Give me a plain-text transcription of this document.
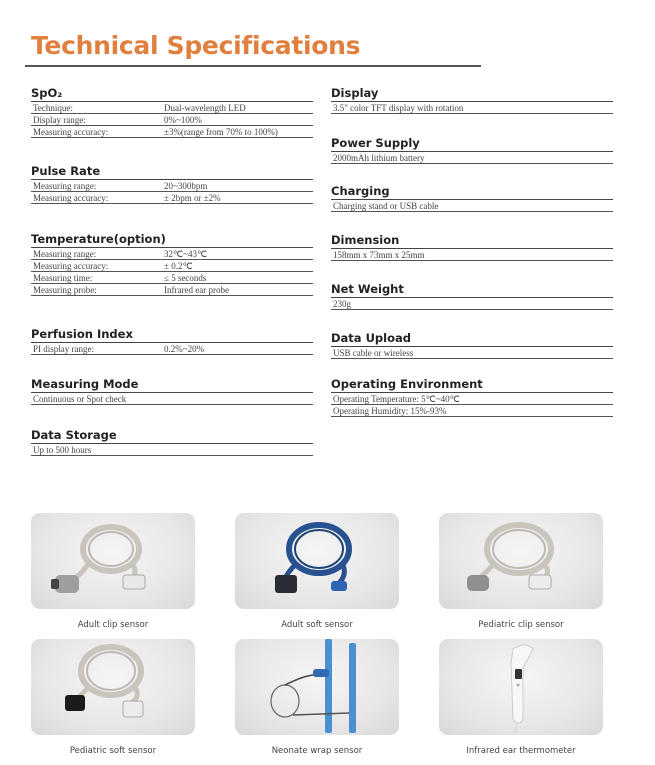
Technical Specifications
SpO₂
Technique:	Dual-wavelength LED
Display range:	0%~100%
Measuring accuracy:	±3%(range from 70% to 100%)
Pulse Rate
Measuring range:	20~300bpm
Measuring accuracy:	± 2bpm or ±2%
Temperature(option)
Measuring range:	32℃~43℃
Measuring accuracy:	± 0.2℃
Measuring time:	≤ 5 seconds
Measuring probe:	Infrared ear probe
Perfusion Index
PI display range:	0.2%~20%
Measuring Mode
Continuous or Spot check
Data Storage
Up to 500 hours
Display
3.5" color TFT display with rotation
Power Supply
2000mAh lithium battery
Charging
Charging stand or USB cable
Dimension
158mm x 73mm x 25mm
Net Weight
230g
Data Upload
USB cable or wireless
Operating Environment
Operating Temperature: 5℃~40℃
Operating Humidity: 15%-93%
Adult clip sensor	Adult soft sensor	Pediatric clip sensor
Pediatric soft sensor	Neonate wrap sensor	Infrared ear thermometer
